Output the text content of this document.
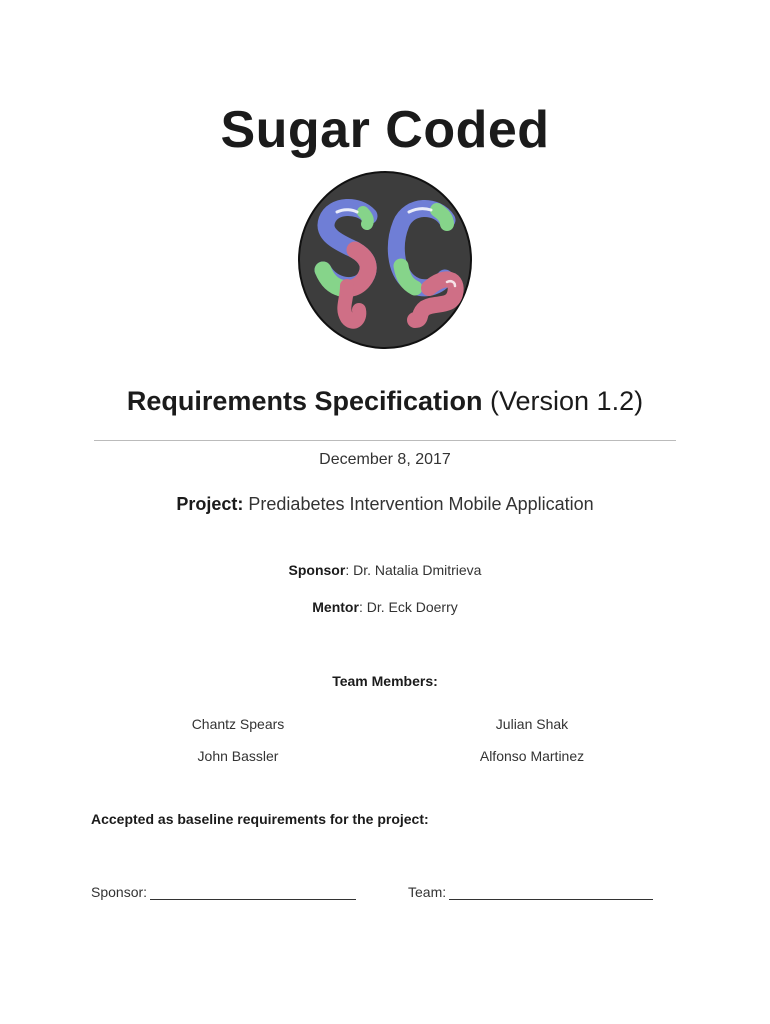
Sugar Coded
Requirements Specification (Version 1.2)
December 8, 2017
Project: Prediabetes Intervention Mobile Application
Sponsor: Dr. Natalia Dmitrieva
Mentor: Dr. Eck Doerry
Team Members:
Chantz Spears	Julian Shak
John Bassler	Alfonso Martinez
Accepted as baseline requirements for the project:
Sponsor:	Team:
